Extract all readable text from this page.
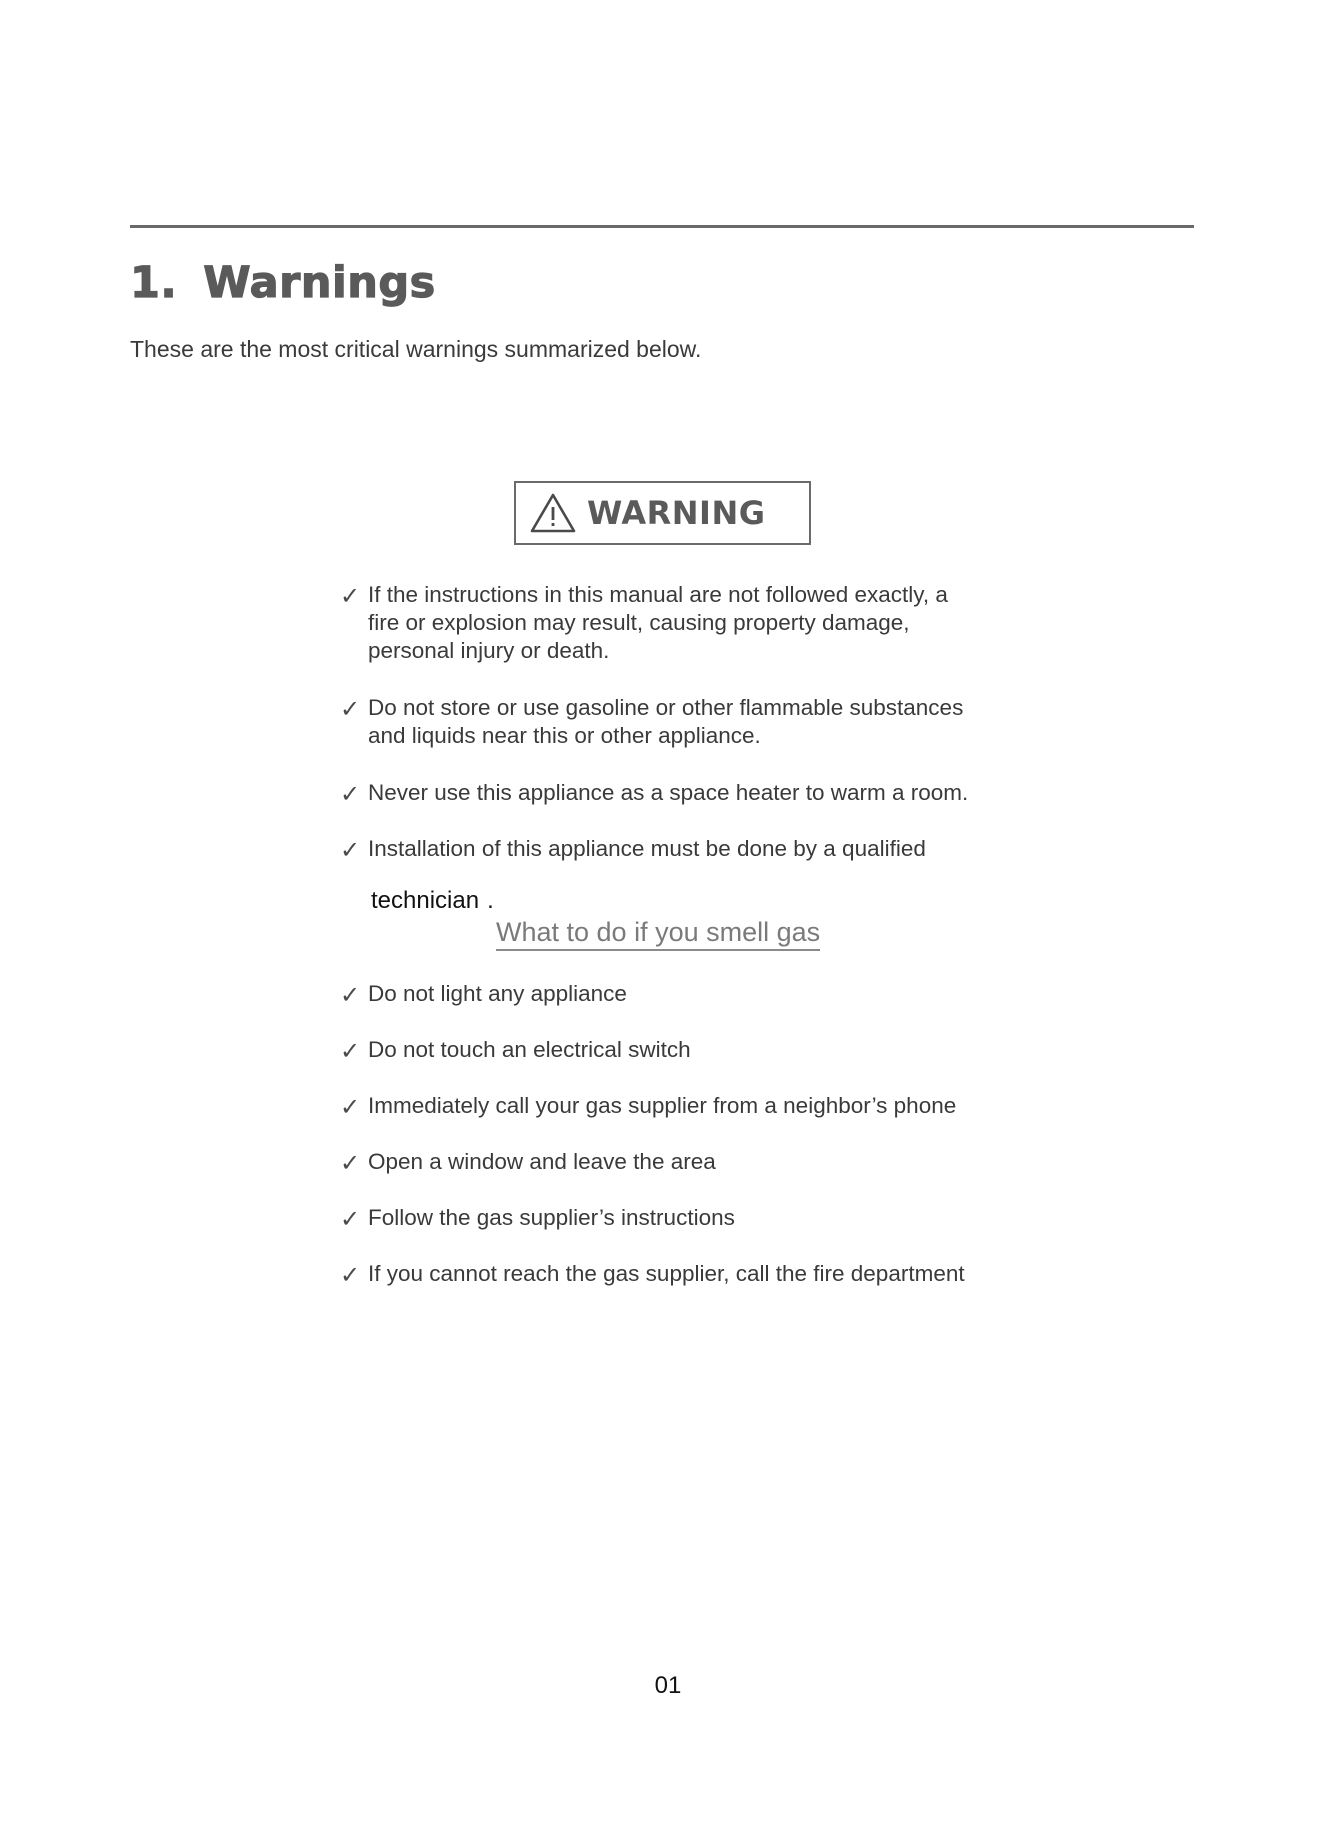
1. Warnings

These are the most critical warnings summarized below.

WARNING
✓ If the instructions in this manual are not followed exactly, a
fire or explosion may result, causing property damage,
personal injury or death.
✓ Do not store or use gasoline or other flammable substances
and liquids near this or other appliance.
✓ Never use this appliance as a space heater to warm a room.
✓ Installation of this appliance must be done by a qualified
technician .
What to do if you smell gas
✓ Do not light any appliance
✓ Do not touch an electrical switch
✓ Immediately call your gas supplier from a neighbor’s phone
✓ Open a window and leave the area
✓ Follow the gas supplier’s instructions
✓ If you cannot reach the gas supplier, call the fire department
01
